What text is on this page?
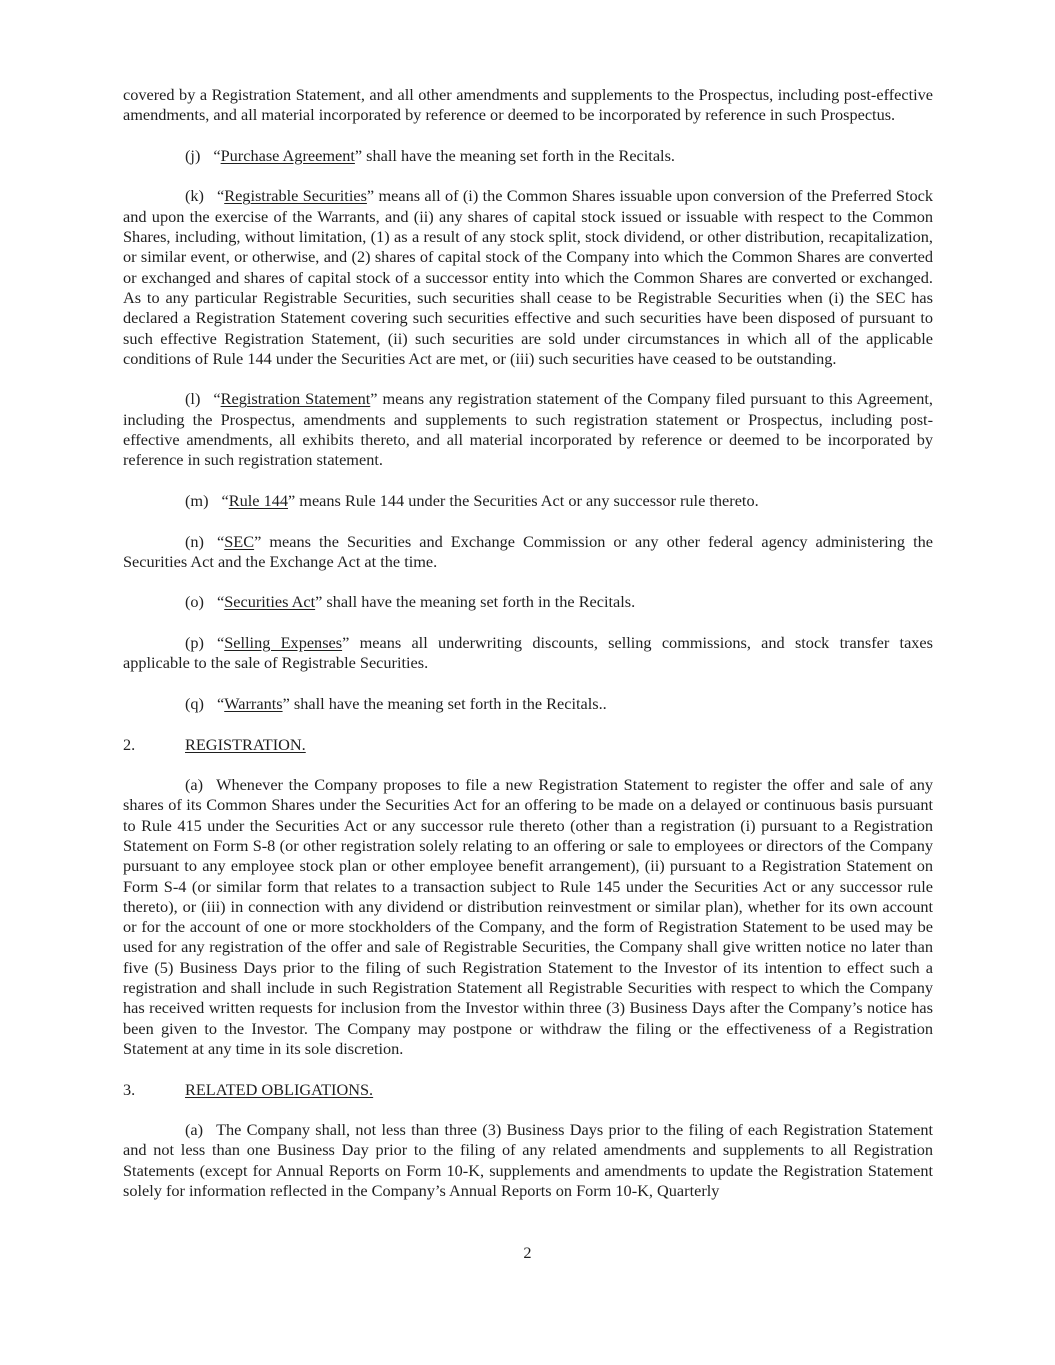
covered by a Registration Statement, and all other amendments and supplements to the Prospectus, including post-effective amendments, and all material incorporated by reference or deemed to be incorporated by reference in such Prospectus.

(j) “Purchase Agreement” shall have the meaning set forth in the Recitals.

(k) “Registrable Securities” means all of (i) the Common Shares issuable upon conversion of the Preferred Stock and upon the exercise of the Warrants, and (ii) any shares of capital stock issued or issuable with respect to the Common Shares, including, without limitation, (1) as a result of any stock split, stock dividend, or other distribution, recapitalization, or similar event, or otherwise, and (2) shares of capital stock of the Company into which the Common Shares are converted or exchanged and shares of capital stock of a successor entity into which the Common Shares are converted or exchanged. As to any particular Registrable Securities, such securities shall cease to be Registrable Securities when (i) the SEC has declared a Registration Statement covering such securities effective and such securities have been disposed of pursuant to such effective Registration Statement, (ii) such securities are sold under circumstances in which all of the applicable conditions of Rule 144 under the Securities Act are met, or (iii) such securities have ceased to be outstanding.

(l) “Registration Statement” means any registration statement of the Company filed pursuant to this Agreement, including the Prospectus, amendments and supplements to such registration statement or Prospectus, including post-effective amendments, all exhibits thereto, and all material incorporated by reference or deemed to be incorporated by reference in such registration statement.

(m) “Rule 144” means Rule 144 under the Securities Act or any successor rule thereto.

(n) “SEC” means the Securities and Exchange Commission or any other federal agency administering the Securities Act and the Exchange Act at the time.

(o) “Securities Act” shall have the meaning set forth in the Recitals.

(p) “Selling Expenses” means all underwriting discounts, selling commissions, and stock transfer taxes applicable to the sale of Registrable Securities.

(q) “Warrants” shall have the meaning set forth in the Recitals..

2.	REGISTRATION.

(a) Whenever the Company proposes to file a new Registration Statement to register the offer and sale of any shares of its Common Shares under the Securities Act for an offering to be made on a delayed or continuous basis pursuant to Rule 415 under the Securities Act or any successor rule thereto (other than a registration (i) pursuant to a Registration Statement on Form S-8 (or other registration solely relating to an offering or sale to employees or directors of the Company pursuant to any employee stock plan or other employee benefit arrangement), (ii) pursuant to a Registration Statement on Form S-4 (or similar form that relates to a transaction subject to Rule 145 under the Securities Act or any successor rule thereto), or (iii) in connection with any dividend or distribution reinvestment or similar plan), whether for its own account or for the account of one or more stockholders of the Company, and the form of Registration Statement to be used may be used for any registration of the offer and sale of Registrable Securities, the Company shall give written notice no later than five (5) Business Days prior to the filing of such Registration Statement to the Investor of its intention to effect such a registration and shall include in such Registration Statement all Registrable Securities with respect to which the Company has received written requests for inclusion from the Investor within three (3) Business Days after the Company’s notice has been given to the Investor. The Company may postpone or withdraw the filing or the effectiveness of a Registration Statement at any time in its sole discretion.

3.	RELATED OBLIGATIONS.

(a) The Company shall, not less than three (3) Business Days prior to the filing of each Registration Statement and not less than one Business Day prior to the filing of any related amendments and supplements to all Registration Statements (except for Annual Reports on Form 10-K, supplements and amendments to update the Registration Statement solely for information reflected in the Company’s Annual Reports on Form 10-K, Quarterly

2
